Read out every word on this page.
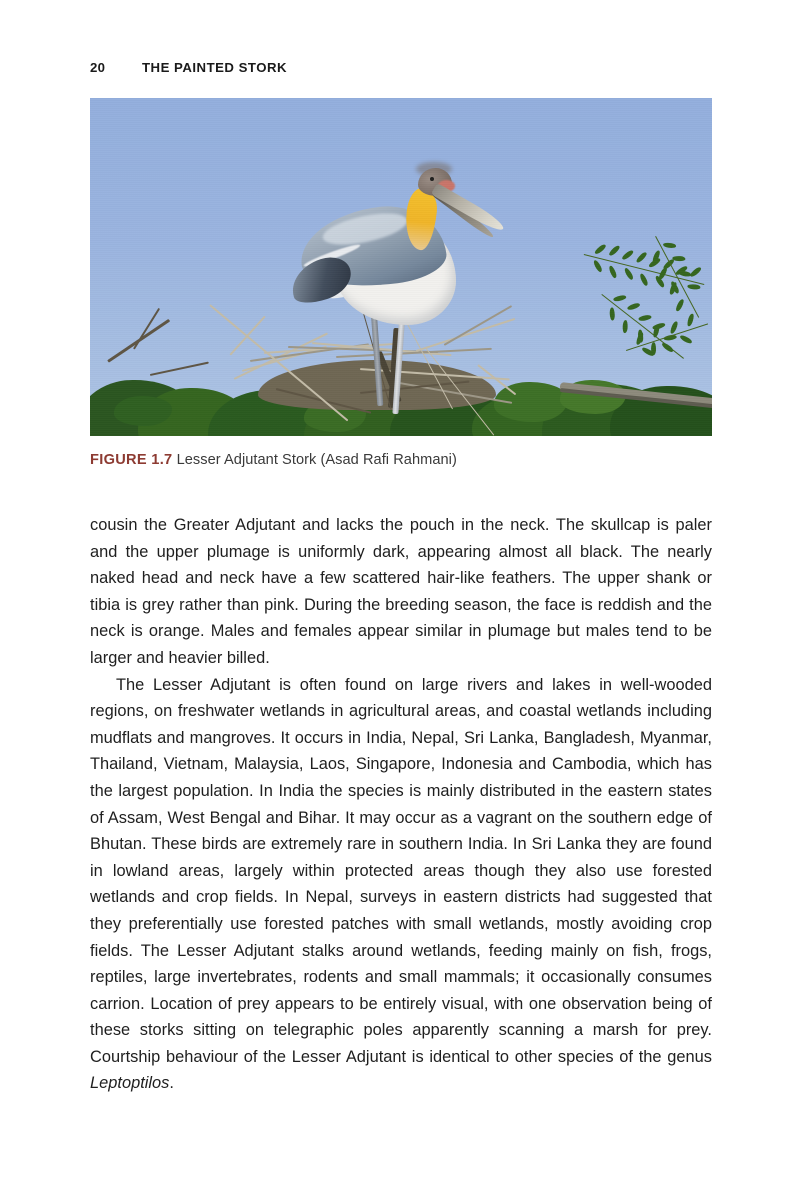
20	THE PAINTED STORK
FIGURE 1.7 Lesser Adjutant Stork (Asad Rafi Rahmani)

cousin the Greater Adjutant and lacks the pouch in the neck. The skullcap is paler and the upper plumage is uniformly dark, appearing almost all black. The nearly naked head and neck have a few scattered hair-like feathers. The upper shank or tibia is grey rather than pink. During the breeding season, the face is reddish and the neck is orange. Males and females appear similar in plumage but males tend to be larger and heavier billed.

The Lesser Adjutant is often found on large rivers and lakes in well-wooded regions, on freshwater wetlands in agricultural areas, and coastal wetlands including mudflats and mangroves. It occurs in India, Nepal, Sri Lanka, Bangladesh, Myanmar, Thailand, Vietnam, Malaysia, Laos, Singapore, Indonesia and Cambodia, which has the largest population. In India the species is mainly distributed in the eastern states of Assam, West Bengal and Bihar. It may occur as a vagrant on the southern edge of Bhutan. These birds are extremely rare in southern India. In Sri Lanka they are found in lowland areas, largely within protected areas though they also use forested wetlands and crop fields. In Nepal, surveys in eastern districts had suggested that they preferentially use forested patches with small wetlands, mostly avoiding crop fields. The Lesser Adjutant stalks around wetlands, feeding mainly on fish, frogs, reptiles, large invertebrates, rodents and small mammals; it occasionally consumes carrion. Location of prey appears to be entirely visual, with one observation being of these storks sitting on telegraphic poles apparently scanning a marsh for prey. Courtship behaviour of the Lesser Adjutant is identical to other species of the genus Leptoptilos.
